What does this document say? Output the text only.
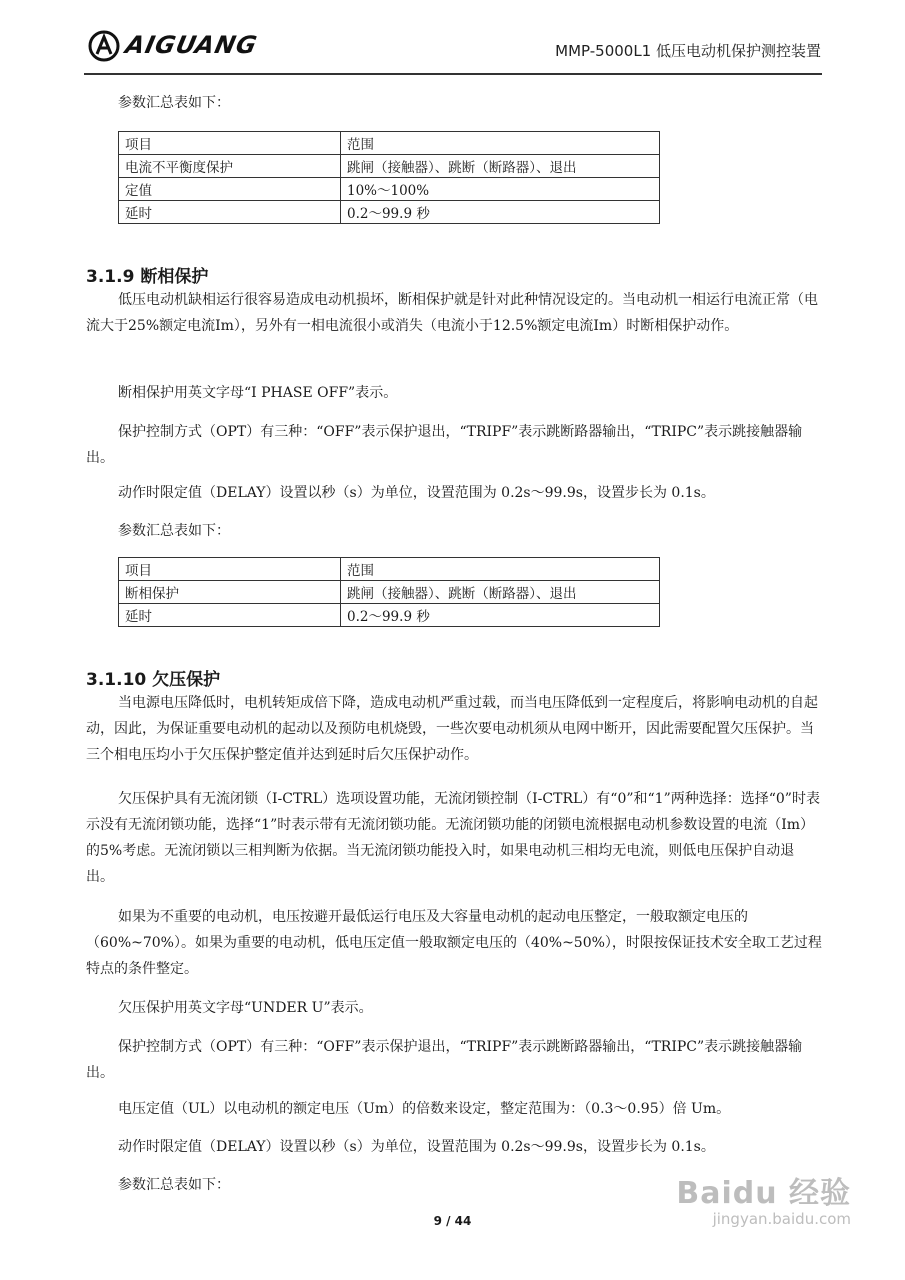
AIGUANG	MMP-5000L1 低压电动机保护测控装置

参数汇总表如下：

项目	范围
电流不平衡度保护	跳闸（接触器）、跳断（断路器）、退出
定值	10%～100%
延时	0.2～99.9 秒
3.1.9 断相保护

低压电动机缺相运行很容易造成电动机损坏，断相保护就是针对此种情况设定的。当电动机一相运行电流正常（电流大于25%额定电流Im），另外有一相电流很小或消失（电流小于12.5%额定电流Im）时断相保护动作。

断相保护用英文字母“I PHASE OFF”表示。

保护控制方式（OPT）有三种：“OFF”表示保护退出，“TRIPF”表示跳断路器输出，“TRIPC”表示跳接触器输出。

动作时限定值（DELAY）设置以秒（s）为单位，设置范围为 0.2s～99.9s，设置步长为 0.1s。

参数汇总表如下：

项目	范围
断相保护	跳闸（接触器）、跳断（断路器）、退出
延时	0.2～99.9 秒
3.1.10 欠压保护

当电源电压降低时，电机转矩成倍下降，造成电动机严重过载，而当电压降低到一定程度后，将影响电动机的自起动，因此，为保证重要电动机的起动以及预防电机烧毁，一些次要电动机须从电网中断开，因此需要配置欠压保护。当三个相电压均小于欠压保护整定值并达到延时后欠压保护动作。

欠压保护具有无流闭锁（I-CTRL）选项设置功能，无流闭锁控制（I-CTRL）有“0”和“1”两种选择：选择“0”时表示没有无流闭锁功能，选择“1”时表示带有无流闭锁功能。无流闭锁功能的闭锁电流根据电动机参数设置的电流（Im）的5%考虑。无流闭锁以三相判断为依据。当无流闭锁功能投入时，如果电动机三相均无电流，则低电压保护自动退出。

如果为不重要的电动机，电压按避开最低运行电压及大容量电动机的起动电压整定，一般取额定电压的（60%~70%）。如果为重要的电动机，低电压定值一般取额定电压的（40%~50%），时限按保证技术安全取工艺过程特点的条件整定。

欠压保护用英文字母“UNDER U”表示。

保护控制方式（OPT）有三种：“OFF”表示保护退出，“TRIPF”表示跳断路器输出，“TRIPC”表示跳接触器输出。

电压定值（UL）以电动机的额定电压（Um）的倍数来设定，整定范围为：（0.3～0.95）倍 Um。

动作时限定值（DELAY）设置以秒（s）为单位，设置范围为 0.2s～99.9s，设置步长为 0.1s。

参数汇总表如下：

9 / 44
Baidu 经验
jingyan.baidu.com
